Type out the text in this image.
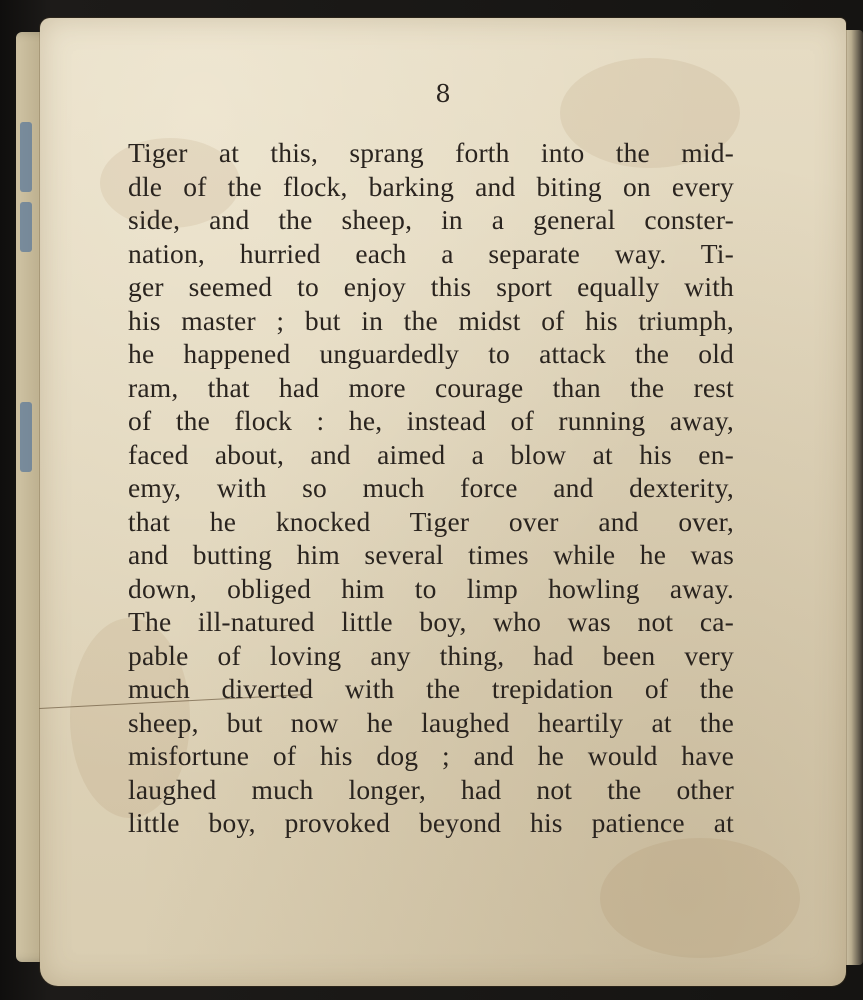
8
Tiger at this, sprang forth into the mid-
dle of the flock, barking and biting on every
side, and the sheep, in a general conster-
nation, hurried each a separate way. Ti-
ger seemed to enjoy this sport equally with
his master ; but in the midst of his triumph,
he happened unguardedly to attack the old
ram, that had more courage than the rest
of the flock : he, instead of running away,
faced about, and aimed a blow at his en-
emy, with so much force and dexterity,
that he knocked Tiger over and over,
and butting him several times while he was
down, obliged him to limp howling away.
The ill-natured little boy, who was not ca-
pable of loving any thing, had been very
much diverted with the trepidation of the
sheep, but now he laughed heartily at the
misfortune of his dog ; and he would have
laughed much longer, had not the other
little boy, provoked beyond his patience at
